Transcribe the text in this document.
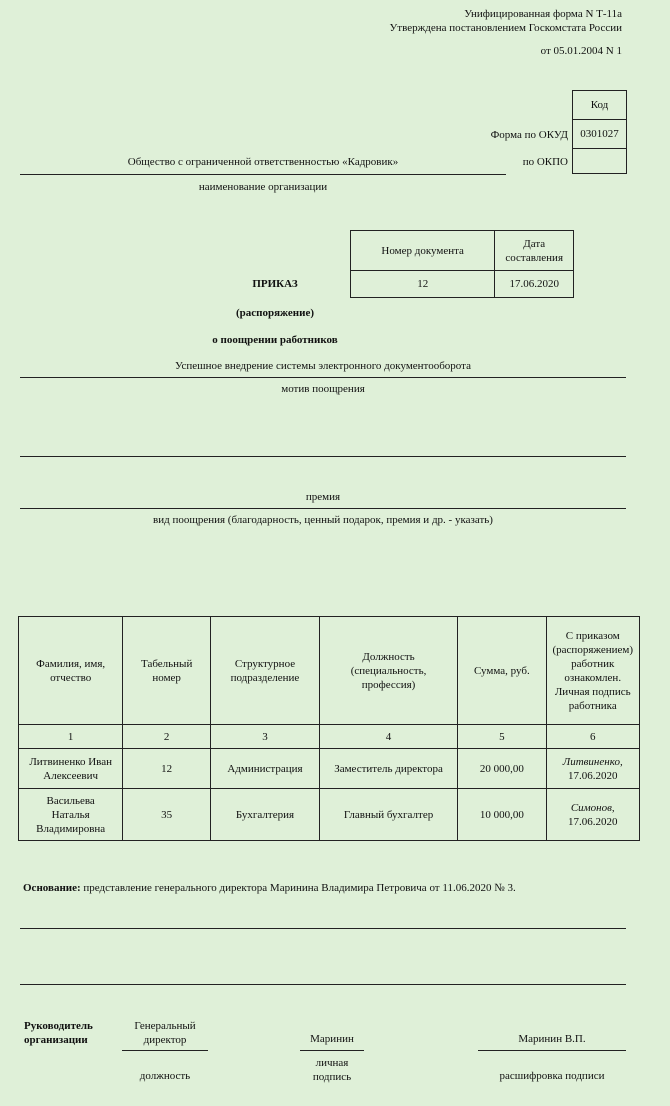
Унифицированная форма N Т-11а
Утверждена постановлением Госкомстата России
от 05.01.2004 N 1
Код
0301027

Форма по ОКУД
по ОКПО
Общество с ограниченной ответственностью «Кадровик»
наименование организации
Номер документа	Дата составления
12	17.06.2020
ПРИКАЗ
(распоряжение)
о поощрении работников
Успешное внедрение системы электронного документооборота
мотив поощрения
премия
вид поощрения (благодарность, ценный подарок, премия и др. - указать)
Фамилия, имя, отчество	Табельный номер	Структурное подразделение	Должность (специальность, профессия)	Сумма, руб.	С приказом (распоряжением) работник ознакомлен. Личная подпись работника
1	2	3	4	5	6
Литвиненко Иван Алексеевич	12	Администрация	Заместитель директора	20 000,00	Литвиненко,
17.06.2020

Васильева Наталья Владимировна	35	Бухгалтерия	Главный бухгалтер	10 000,00	Симонов,
17.06.2020
Основание: представление генерального директора Маринина Владимира Петровича от 11.06.2020 № 3.
Руководитель организации
Генеральный директор
должность
Маринин
личная подпись
Маринин В.П.
расшифровка подписи
